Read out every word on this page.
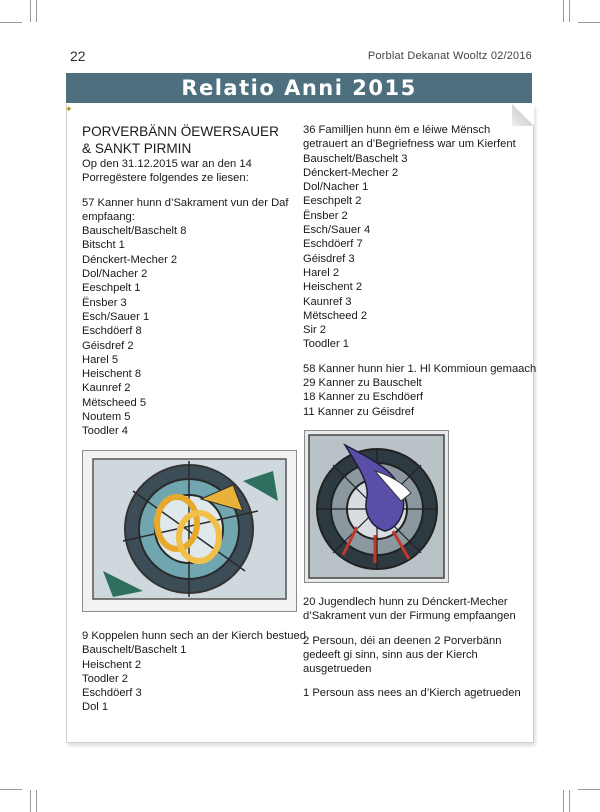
22	Porblat Dekanat Wooltz 02/2016
Relatio Anni 2015
✦
PORVERBÄNN ÖEWERSAUER
& SANKT PIRMIN
Op den 31.12.2015 war an den 14
Porregëstere folgendes ze liesen:
57 Kanner hunn d’Sakrament vun der Daf
empfaang:
Bauschelt/Baschelt 8
Bitscht 1
Dénckert-Mecher 2
Dol/Nacher 2
Eeschpelt 1
Ënsber 3
Esch/Sauer 1
Eschdöerf 8
Géisdref 2
Harel 5
Heischent 8
Kaunref 2
Mëtscheed 5
Noutem 5
Toodler 4
9 Koppelen hunn sech an der Kierch bestued
Bauschelt/Baschelt 1
Heischent 2
Toodler 2
Eschdöerf 3
Dol 1
36 Familljen hunn ëm e léiwe Mënsch
getrauert an d’Begriefness war um Kierfent
Bauschelt/Baschelt 3
Dénckert-Mecher 2
Dol/Nacher 1
Eeschpelt 2
Ënsber 2
Esch/Sauer 4
Eschdöerf 7
Géisdref 3
Harel 2
Heischent 2
Kaunref 3
Mëtscheed 2
Sir 2
Toodler 1
58 Kanner hunn hier 1. Hl Kommioun gemaach
29 Kanner zu Bauschelt
18 Kanner zu Eschdöerf
11 Kanner zu Géisdref
20 Jugendlech hunn zu Dénckert-Mecher
d’Sakrament vun der Firmung empfaangen
2 Persoun, déi an deenen 2 Porverbänn
gedeeft gi sinn, sinn aus der Kierch
ausgetrueden
1 Persoun ass nees an d’Kierch agetrueden
